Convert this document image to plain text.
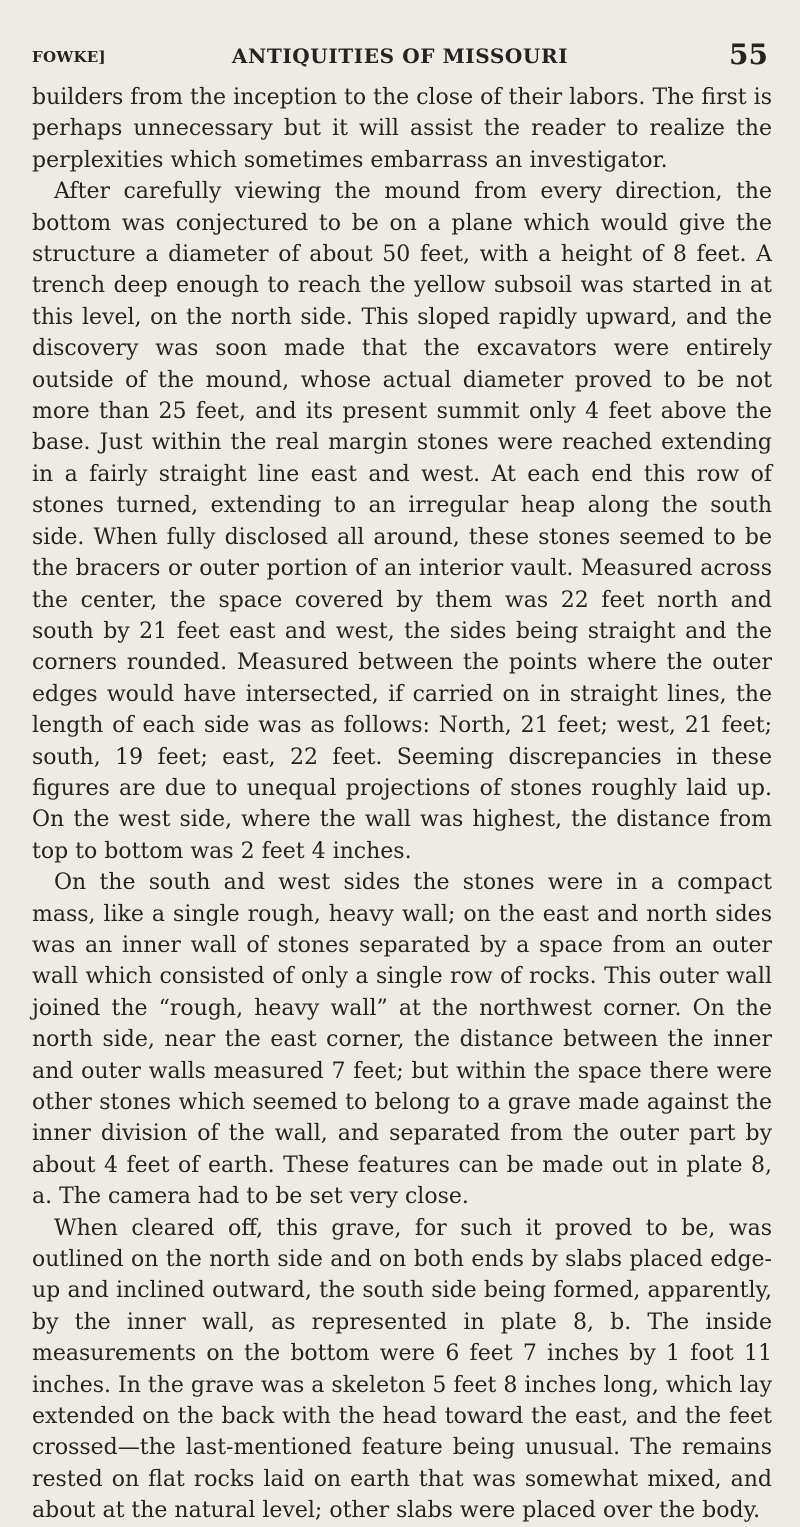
FOWKE]	ANTIQUITIES OF MISSOURI	55

builders from the inception to the close of their labors. The first is perhaps unnecessary but it will assist the reader to realize the perplexities which sometimes embarrass an investigator.

After carefully viewing the mound from every direction, the bottom was conjectured to be on a plane which would give the structure a diameter of about 50 feet, with a height of 8 feet. A trench deep enough to reach the yellow subsoil was started in at this level, on the north side. This sloped rapidly upward, and the discovery was soon made that the excavators were entirely outside of the mound, whose actual diameter proved to be not more than 25 feet, and its present summit only 4 feet above the base. Just within the real margin stones were reached extending in a fairly straight line east and west. At each end this row of stones turned, extending to an irregular heap along the south side. When fully disclosed all around, these stones seemed to be the bracers or outer portion of an interior vault. Measured across the center, the space covered by them was 22 feet north and south by 21 feet east and west, the sides being straight and the corners rounded. Measured between the points where the outer edges would have intersected, if carried on in straight lines, the length of each side was as follows: North, 21 feet; west, 21 feet; south, 19 feet; east, 22 feet. Seeming discrepancies in these figures are due to unequal projections of stones roughly laid up. On the west side, where the wall was highest, the distance from top to bottom was 2 feet 4 inches.

On the south and west sides the stones were in a compact mass, like a single rough, heavy wall; on the east and north sides was an inner wall of stones separated by a space from an outer wall which consisted of only a single row of rocks. This outer wall joined the “rough, heavy wall” at the northwest corner. On the north side, near the east corner, the distance between the inner and outer walls measured 7 feet; but within the space there were other stones which seemed to belong to a grave made against the inner division of the wall, and separated from the outer part by about 4 feet of earth. These features can be made out in plate 8, a. The camera had to be set very close.

When cleared off, this grave, for such it proved to be, was outlined on the north side and on both ends by slabs placed edge-up and inclined outward, the south side being formed, apparently, by the inner wall, as represented in plate 8, b. The inside measurements on the bottom were 6 feet 7 inches by 1 foot 11 inches. In the grave was a skeleton 5 feet 8 inches long, which lay extended on the back with the head toward the east, and the feet crossed—the last-mentioned feature being unusual. The remains rested on flat rocks laid on earth that was somewhat mixed, and about at the natural level; other slabs were placed over the body.
